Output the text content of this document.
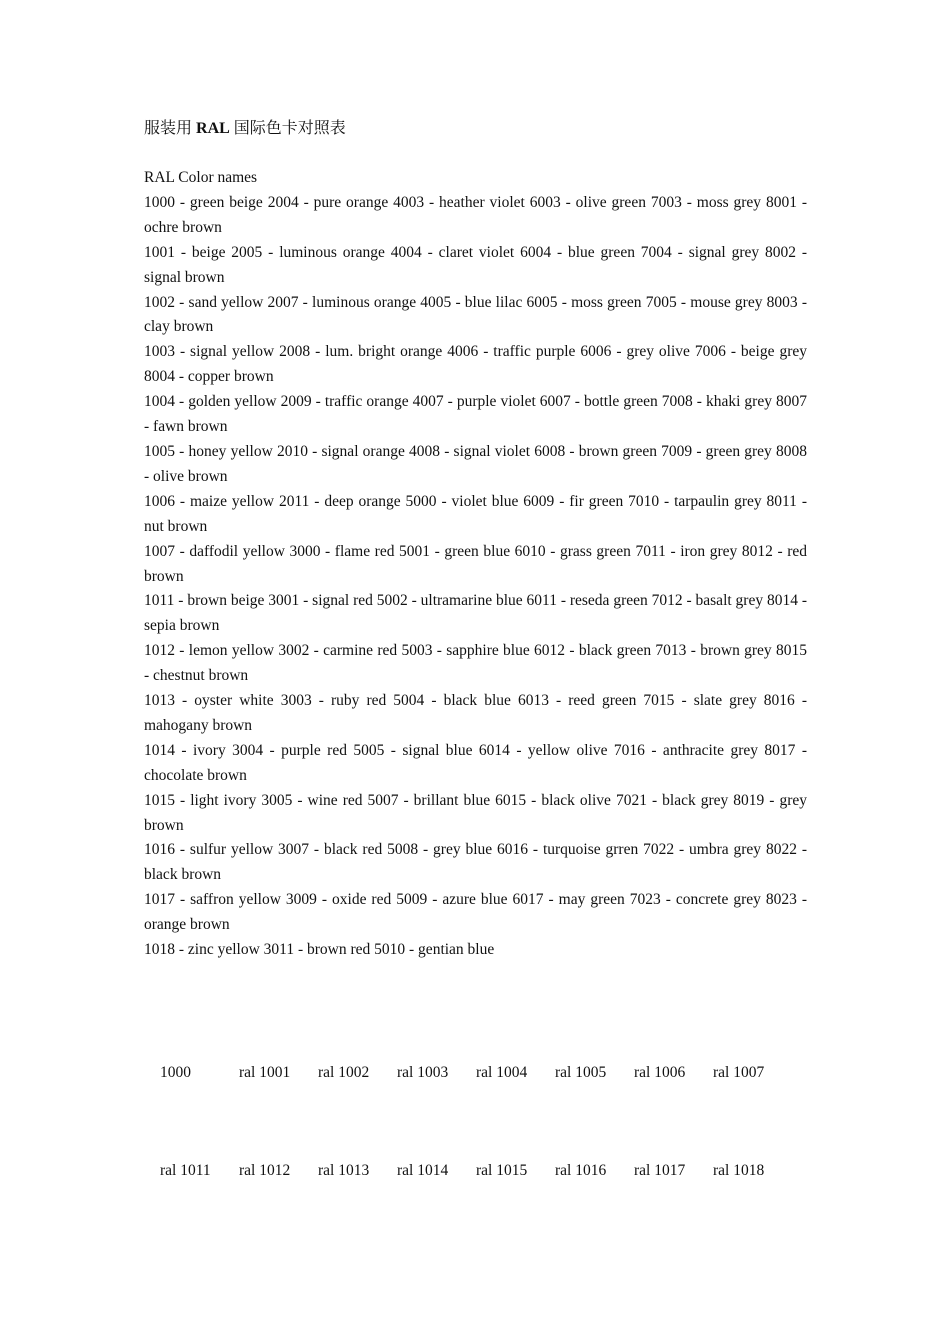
服装用 RAL 国际色卡对照表
RAL Color names
1000 - green beige 2004 - pure orange 4003 - heather violet 6003 - olive green 7003 - moss grey 8001 - ochre brown
1001 - beige 2005 - luminous orange 4004 - claret violet 6004 - blue green 7004 - signal grey 8002 - signal brown
1002 - sand yellow 2007 - luminous orange 4005 - blue lilac 6005 - moss green 7005 - mouse grey 8003 - clay brown
1003 - signal yellow 2008 - lum. bright orange 4006 - traffic purple 6006 - grey olive 7006 - beige grey 8004 - copper brown
1004 - golden yellow 2009 - traffic orange 4007 - purple violet 6007 - bottle green 7008 - khaki grey 8007 - fawn brown
1005 - honey yellow 2010 - signal orange 4008 - signal violet 6008 - brown green 7009 - green grey 8008 - olive brown
1006 - maize yellow 2011 - deep orange 5000 - violet blue 6009 - fir green 7010 - tarpaulin grey 8011 - nut brown
1007 - daffodil yellow 3000 - flame red 5001 - green blue 6010 - grass green 7011 - iron grey 8012 - red brown
1011 - brown beige 3001 - signal red 5002 - ultramarine blue 6011 - reseda green 7012 - basalt grey 8014 - sepia brown
1012 - lemon yellow 3002 - carmine red 5003 - sapphire blue 6012 - black green 7013 - brown grey 8015 - chestnut brown
1013 - oyster white 3003 - ruby red 5004 - black blue 6013 - reed green 7015 - slate grey 8016 - mahogany brown
1014 - ivory 3004 - purple red 5005 - signal blue 6014 - yellow olive 7016 - anthracite grey 8017 - chocolate brown
1015 - light ivory 3005 - wine red 5007 - brillant blue 6015 - black olive 7021 - black grey 8019 - grey brown
1016 - sulfur yellow 3007 - black red 5008 - grey blue 6016 - turquoise grren 7022 - umbra grey 8022 - black brown
1017 - saffron yellow 3009 - oxide red 5009 - azure blue 6017 - may green 7023 - concrete grey 8023 - orange brown
1018 - zinc yellow 3011 - brown red 5010 - gentian blue
1000	ral 1001 ral 1002 ral 1003 ral 1004 ral 1005 ral 1006 ral 1007
ral 1011 ral 1012 ral 1013 ral 1014 ral 1015 ral 1016 ral 1017 ral 1018
